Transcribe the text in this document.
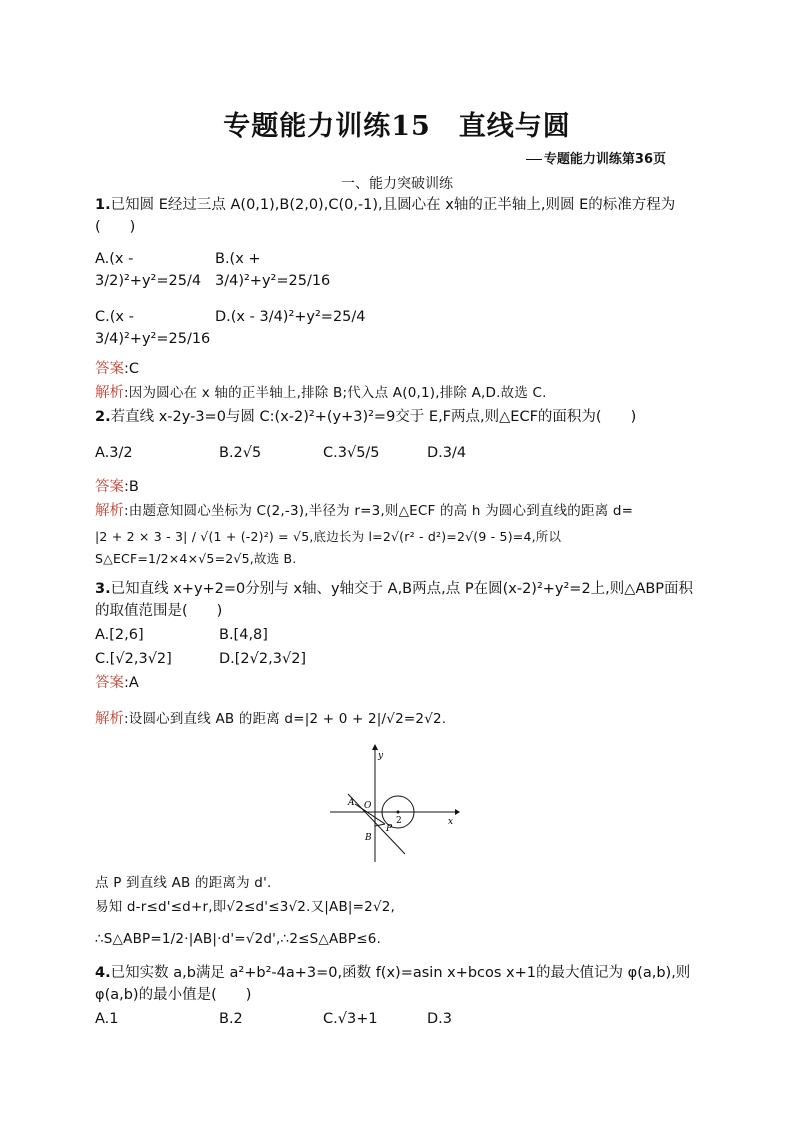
专题能力训练15 直线与圆
专题能力训练第36页
一、能力突破训练
1.已知圆 E经过三点 A(0,1),B(2,0),C(0,-1),且圆心在 x轴的正半轴上,则圆 E的标准方程为(　　)
A.(x - 3/2)²+y²=25/4
B.(x + 3/4)²+y²=25/16
C.(x - 3/4)²+y²=25/16
D.(x - 3/4)²+y²=25/4
答案:C
解析:因为圆心在 x 轴的正半轴上,排除 B;代入点 A(0,1),排除 A,D.故选 C.
2.若直线 x-2y-3=0与圆 C:(x-2)²+(y+3)²=9交于 E,F两点,则△ECF的面积为(　　)
A.3/2	B.2√5	C.3√5/5	D.3/4
答案:B
解析:由题意知圆心坐标为 C(2,-3),半径为 r=3,则△ECF 的高 h 为圆心到直线的距离 d=
|2 + 2 × 3 - 3| / √(1 + (-2)²) = √5,底边长为 l=2√(r² - d²)=2√(9 - 5)=4,所以 S△ECF=1/2×4×√5=2√5,故选 B.
3.已知直线 x+y+2=0分别与 x轴、y轴交于 A,B两点,点 P在圆(x-2)²+y²=2上,则△ABP面积的取值范围是(　　)
A.[2,6]	B.[4,8]
C.[√2,3√2]	D.[2√2,3√2]
答案:A
解析:设圆心到直线 AB 的距离 d=|2 + 0 + 2|/√2=2√2.
y
x
O
A
B
P
2
点 P 到直线 AB 的距离为 d'.
易知 d-r≤d'≤d+r,即√2≤d'≤3√2.又|AB|=2√2,
∴S△ABP=1/2·|AB|·d'=√2d',∴2≤S△ABP≤6.
4.已知实数 a,b满足 a²+b²-4a+3=0,函数 f(x)=asin x+bcos x+1的最大值记为 φ(a,b),则φ(a,b)的最小值是(　　)
A.1	B.2	C.√3+1	D.3
